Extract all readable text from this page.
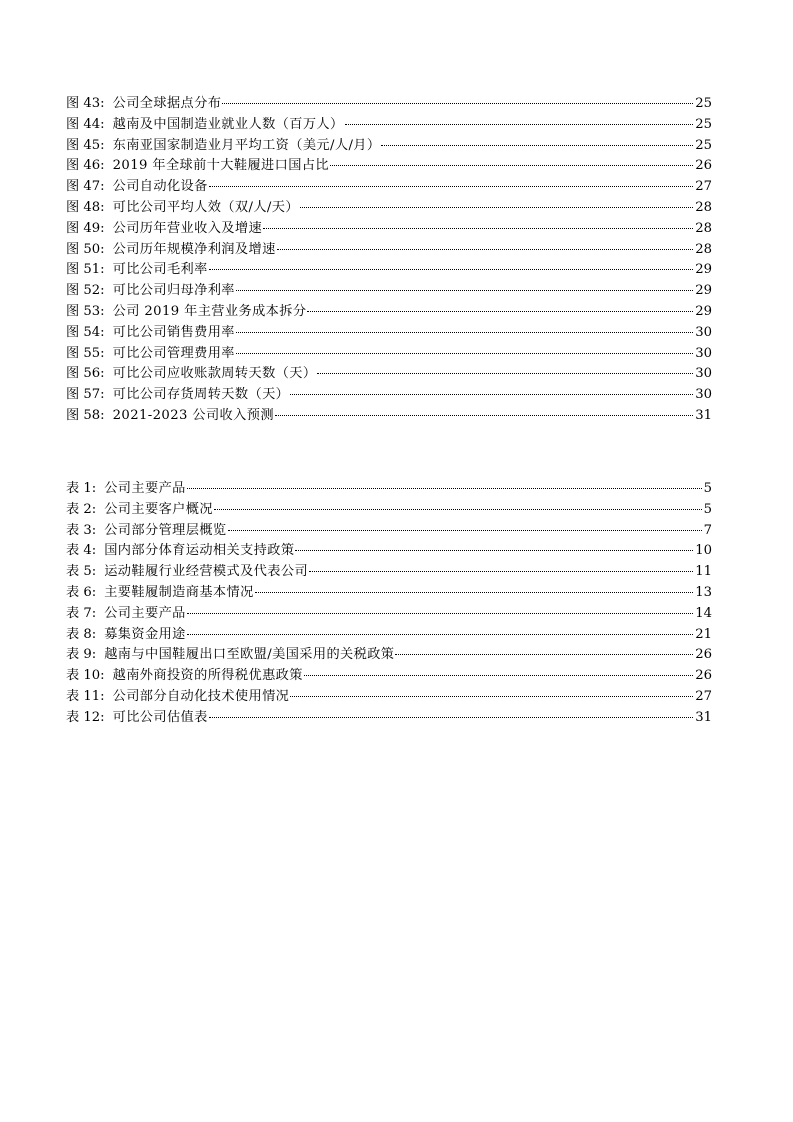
图 43: 公司全球据点分布	25
图 44: 越南及中国制造业就业人数（百万人）	25
图 45: 东南亚国家制造业月平均工资（美元/人/月）	25
图 46: 2019 年全球前十大鞋履进口国占比	26
图 47: 公司自动化设备	27
图 48: 可比公司平均人效（双/人/天）	28
图 49: 公司历年营业收入及增速	28
图 50: 公司历年规模净利润及增速	28
图 51: 可比公司毛利率	29
图 52: 可比公司归母净利率	29
图 53: 公司 2019 年主营业务成本拆分	29
图 54: 可比公司销售费用率	30
图 55: 可比公司管理费用率	30
图 56: 可比公司应收账款周转天数（天）	30
图 57: 可比公司存货周转天数（天）	30
图 58: 2021-2023 公司收入预测	31
表 1: 公司主要产品	5
表 2: 公司主要客户概况	5
表 3: 公司部分管理层概览	7
表 4: 国内部分体育运动相关支持政策	10
表 5: 运动鞋履行业经营模式及代表公司	11
表 6: 主要鞋履制造商基本情况	13
表 7: 公司主要产品	14
表 8: 募集资金用途	21
表 9: 越南与中国鞋履出口至欧盟/美国采用的关税政策	26
表 10: 越南外商投资的所得税优惠政策	26
表 11: 公司部分自动化技术使用情况	27
表 12: 可比公司估值表	31
